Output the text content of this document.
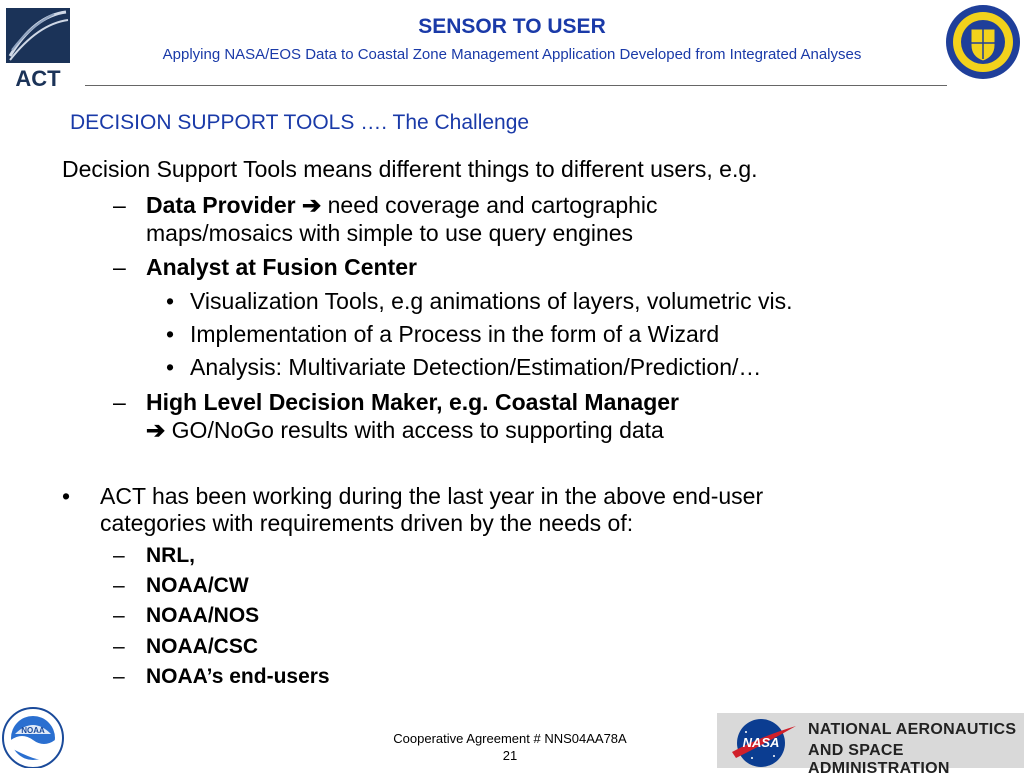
ACT
SENSOR TO USER
Applying NASA/EOS Data to Coastal Zone Management Application Developed from Integrated Analyses
DECISION SUPPORT TOOLS …. The Challenge
Decision Support Tools means different things to different users, e.g.
– Data Provider ➔ need coverage and cartographic
maps/mosaics with simple to use query engines
– Analyst at Fusion Center
• Visualization Tools, e.g animations of layers, volumetric vis.
• Implementation of a Process in the form of a Wizard
• Analysis: Multivariate Detection/Estimation/Prediction/…
– High Level Decision Maker, e.g. Coastal Manager
➔ GO/NoGo results with access to supporting data
• ACT has been working during the last year in the above end-user
categories with requirements driven by the needs of:
– NRL,
– NOAA/CW
– NOAA/NOS
– NOAA/CSC
– NOAA’s end-users
NOAA
Cooperative Agreement # NNS04AA78A
21
NASA
NATIONAL AERONAUTICS
AND SPACE ADMINISTRATION
